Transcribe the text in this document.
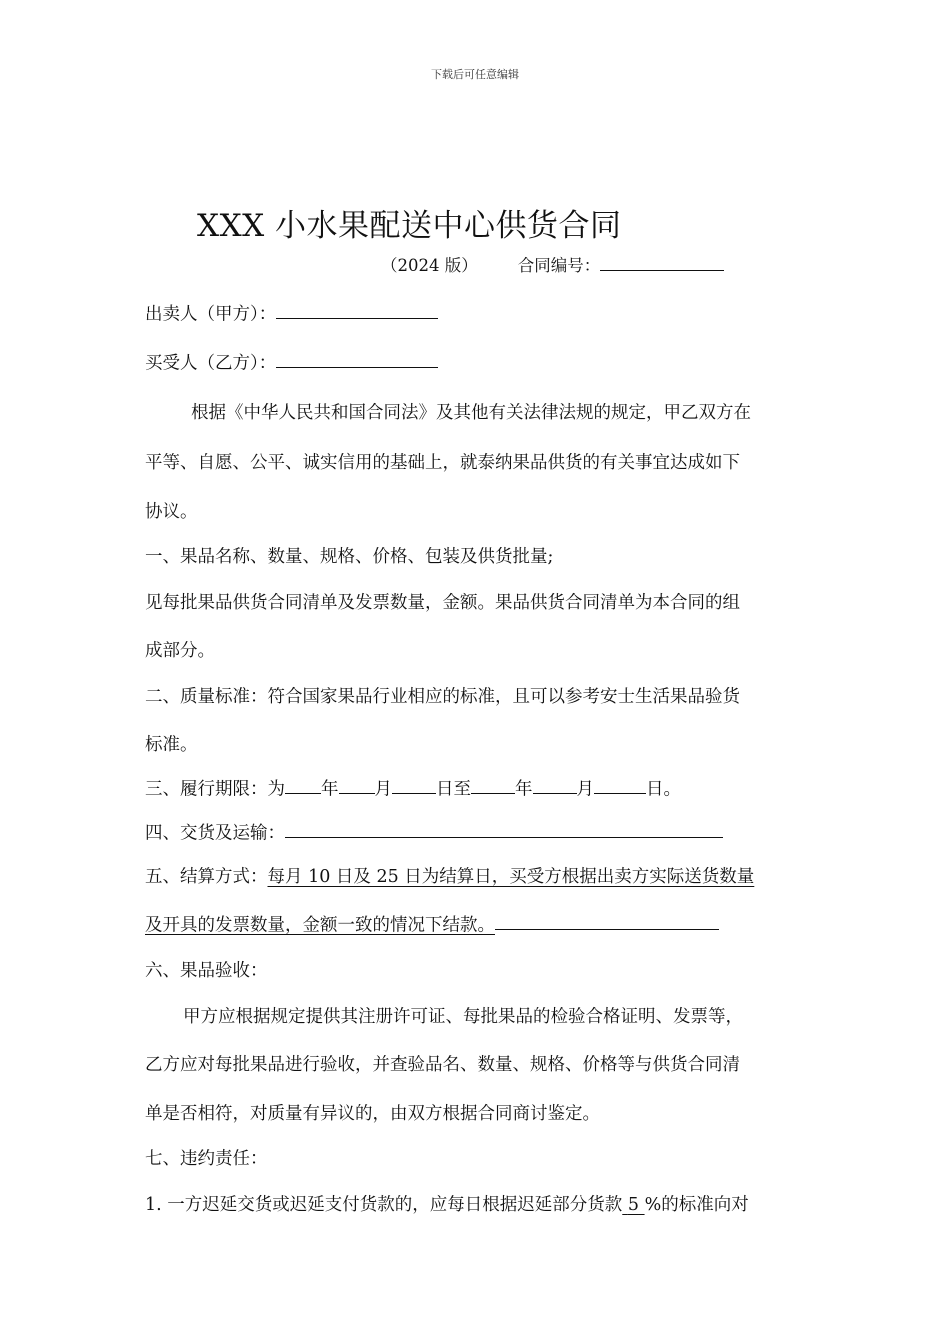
下载后可任意编辑
XXX 小水果配送中心供货合同
（2024 版） 合同编号：
出卖人（甲方）：
买受人（乙方）：
根据《中华人民共和国合同法》及其他有关法律法规的规定，甲乙双方在
平等、自愿、公平、诚实信用的基础上，就泰纳果品供货的有关事宜达成如下
协议。
一、果品名称、数量、规格、价格、包装及供货批量;
见每批果品供货合同清单及发票数量，金额。果品供货合同清单为本合同的组
成部分。
二、质量标准：符合国家果品行业相应的标准，且可以参考安士生活果品验货
标准。
三、履行期限：为 年 月	日至	年	月	日。
四、交货及运输：
五、结算方式：每月 10 日及 25 日为结算日，买受方根据出卖方实际送货数量
及开具的发票数量，金额一致的情况下结款。
六、果品验收：
甲方应根据规定提供其注册许可证、每批果品的检验合格证明、发票等，
乙方应对每批果品进行验收，并查验品名、数量、规格、价格等与供货合同清
单是否相符，对质量有异议的，由双方根据合同商讨鉴定。
七、违约责任：
1. 一方迟延交货或迟延支付货款的，应每日根据迟延部分货款 5 %的标准向对
